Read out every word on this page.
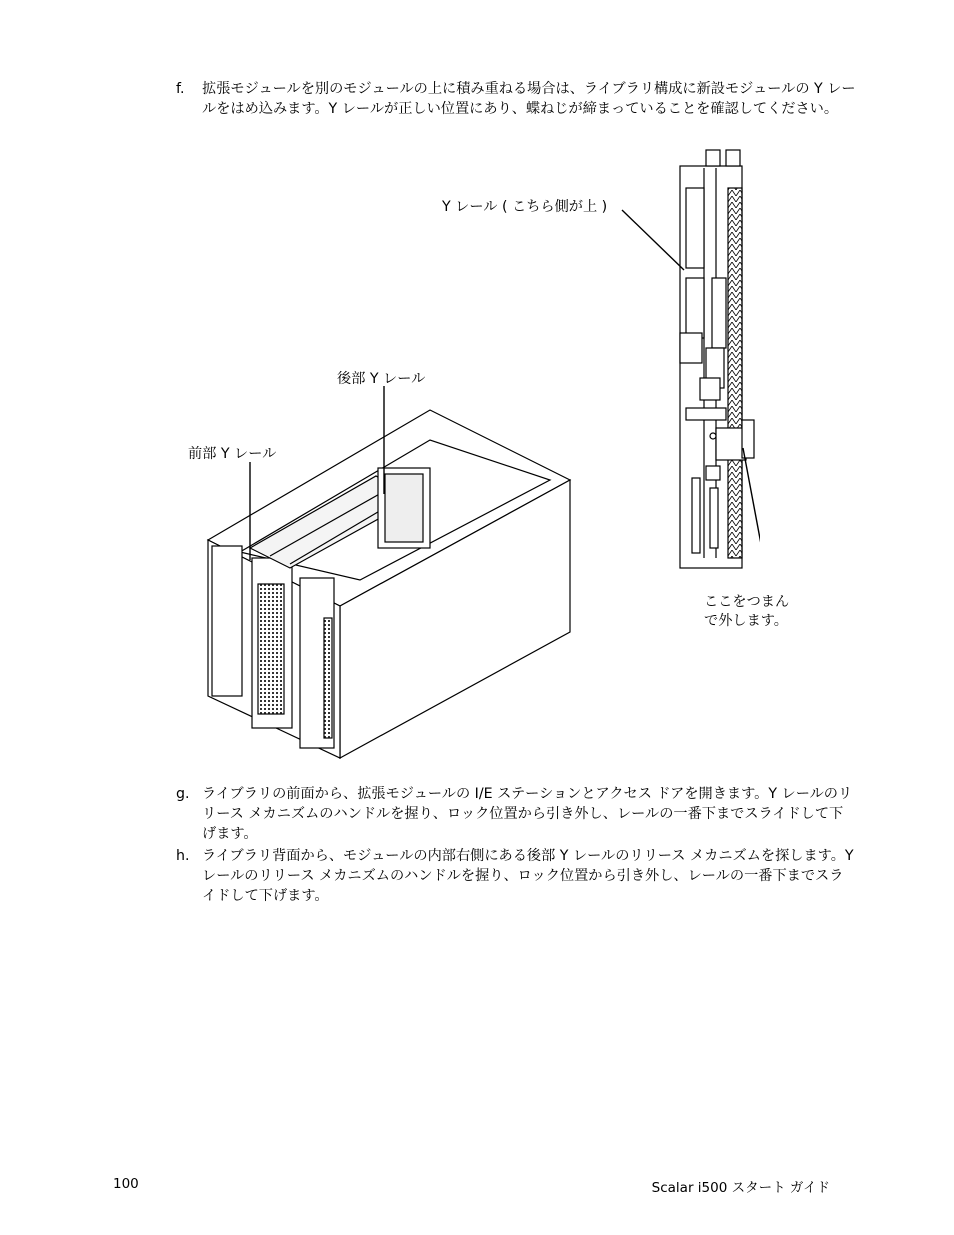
f. 拡張モジュールを別のモジュールの上に積み重ねる場合は、ライブラリ構成に新設モジュールの Y レールをはめ込みます。Y レールが正しい位置にあり、蝶ねじが締まっていることを確認してください。
Y レール ( こちら側が上 )
後部 Y レール
前部 Y レール
ここをつまん
で外します。
g. ライブラリの前面から、拡張モジュールの I/E ステーションとアクセス ドアを開きます。Y レールのリリース メカニズムのハンドルを握り、ロック位置から引き外し、レールの一番下までスライドして下げます。
h. ライブラリ背面から、モジュールの内部右側にある後部 Y レールのリリース メカニズムを探します。Y レールのリリース メカニズムのハンドルを握り、ロック位置から引き外し、レールの一番下までスライドして下げます。
100	Scalar i500 スタート ガイド
